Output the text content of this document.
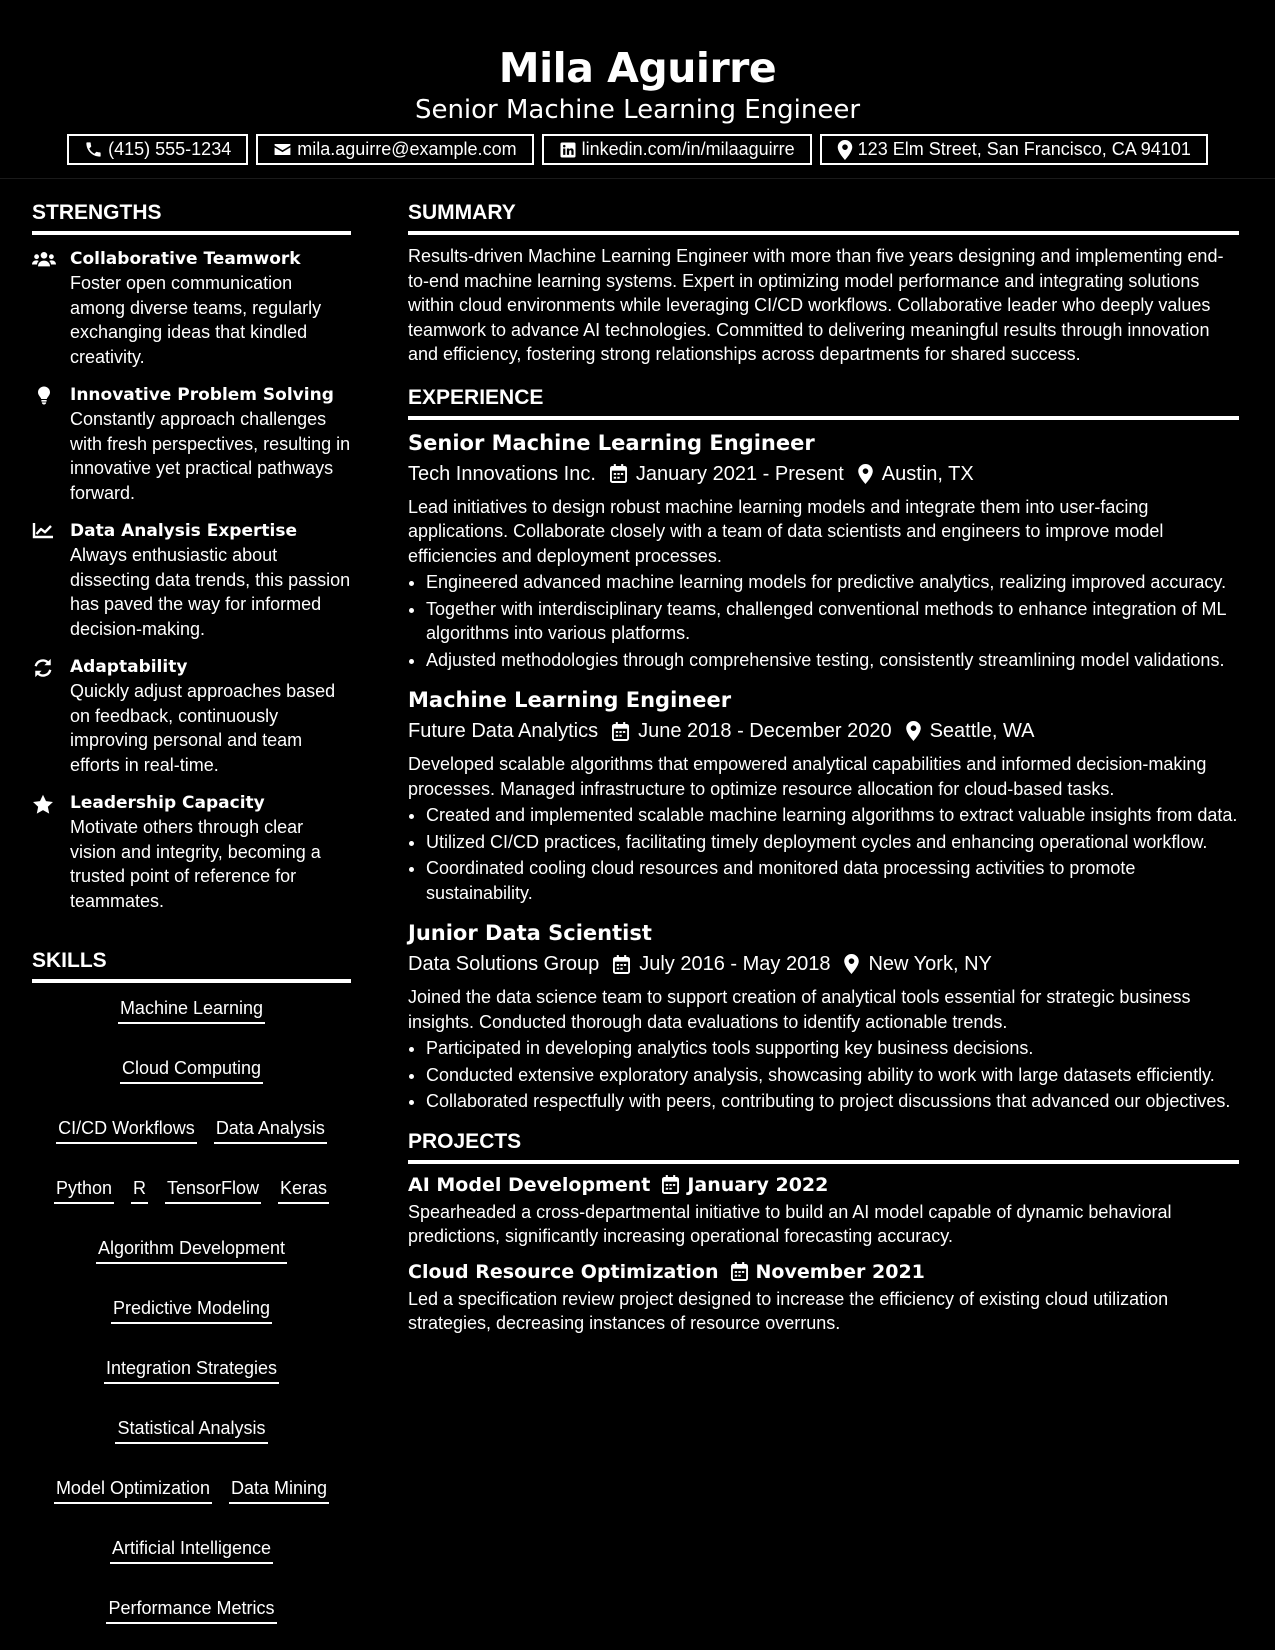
Mila Aguirre
Senior Machine Learning Engineer
(415) 555-1234	mila.aguirre@example.com	linkedin.com/in/milaaguirre	123 Elm Street, San Francisco, CA 94101
STRENGTHS
Collaborative Teamwork
Foster open communication among diverse teams, regularly exchanging ideas that kindled creativity.
Innovative Problem Solving
Constantly approach challenges with fresh perspectives, resulting in innovative yet practical pathways forward.
Data Analysis Expertise
Always enthusiastic about dissecting data trends, this passion has paved the way for informed decision-making.
Adaptability
Quickly adjust approaches based on feedback, continuously improving personal and team efforts in real-time.
Leadership Capacity
Motivate others through clear vision and integrity, becoming a trusted point of reference for teammates.
SKILLS
Machine Learning
Cloud Computing
CI/CD Workflows Data Analysis
Python R TensorFlow Keras
Algorithm Development
Predictive Modeling
Integration Strategies
Statistical Analysis
Model Optimization Data Mining
Artificial Intelligence
Performance Metrics
SUMMARY
Results-driven Machine Learning Engineer with more than five years designing and implementing end-to-end machine learning systems. Expert in optimizing model performance and integrating solutions within cloud environments while leveraging CI/CD workflows. Collaborative leader who deeply values teamwork to advance AI technologies. Committed to delivering meaningful results through innovation and efficiency, fostering strong relationships across departments for shared success.
EXPERIENCE
Senior Machine Learning Engineer
Tech Innovations Inc. January 2021 - Present Austin, TX
Lead initiatives to design robust machine learning models and integrate them into user-facing applications. Collaborate closely with a team of data scientists and engineers to improve model efficiencies and deployment processes.
• Engineered advanced machine learning models for predictive analytics, realizing improved accuracy.
• Together with interdisciplinary teams, challenged conventional methods to enhance integration of ML algorithms into various platforms.
• Adjusted methodologies through comprehensive testing, consistently streamlining model validations.
Machine Learning Engineer
Future Data Analytics June 2018 - December 2020 Seattle, WA
Developed scalable algorithms that empowered analytical capabilities and informed decision-making processes. Managed infrastructure to optimize resource allocation for cloud-based tasks.
• Created and implemented scalable machine learning algorithms to extract valuable insights from data.
• Utilized CI/CD practices, facilitating timely deployment cycles and enhancing operational workflow.
• Coordinated cooling cloud resources and monitored data processing activities to promote sustainability.
Junior Data Scientist
Data Solutions Group July 2016 - May 2018 New York, NY
Joined the data science team to support creation of analytical tools essential for strategic business insights. Conducted thorough data evaluations to identify actionable trends.
• Participated in developing analytics tools supporting key business decisions.
• Conducted extensive exploratory analysis, showcasing ability to work with large datasets efficiently.
• Collaborated respectfully with peers, contributing to project discussions that advanced our objectives.
PROJECTS
AI Model Development January 2022
Spearheaded a cross-departmental initiative to build an AI model capable of dynamic behavioral predictions, significantly increasing operational forecasting accuracy.
Cloud Resource Optimization November 2021
Led a specification review project designed to increase the efficiency of existing cloud utilization strategies, decreasing instances of resource overruns.
